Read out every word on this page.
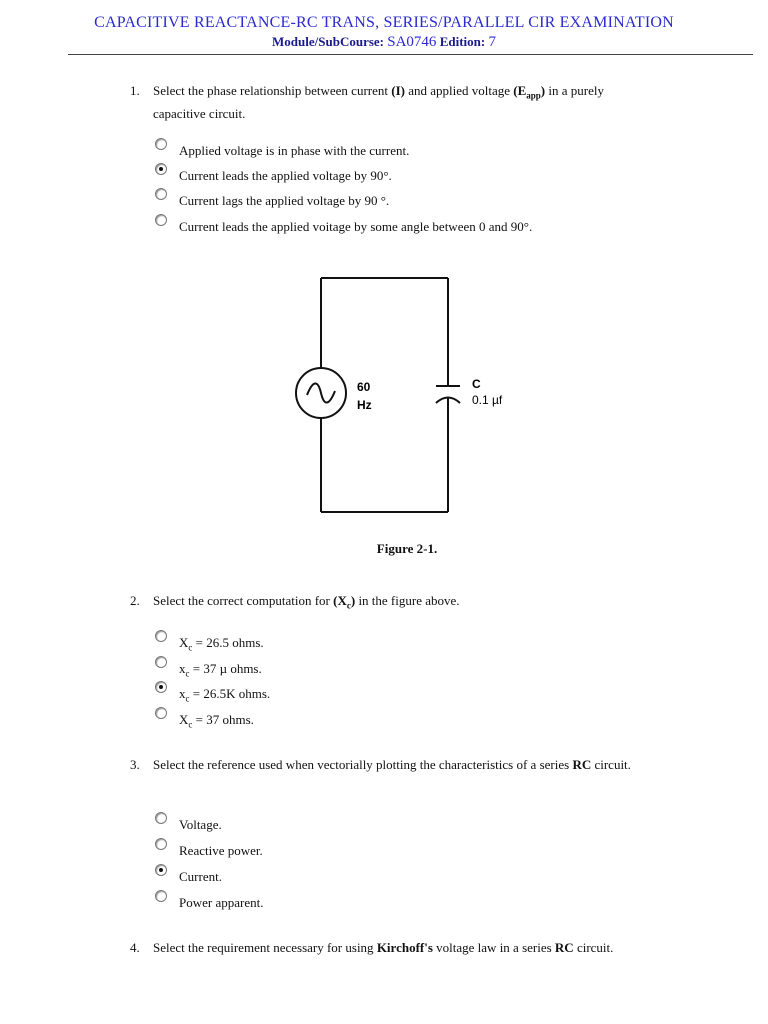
CAPACITIVE REACTANCE-RC TRANS, SERIES/PARALLEL CIR EXAMINATION
Module/SubCourse: SA0746 Edition: 7
1. Select the phase relationship between current (I) and applied voltage $(E_{app})$ in a purely capacitive circuit.
Applied voltage is in phase with the current.
Current leads the applied voltage by 90°.
Current lags the applied voltage by 90 °.
Current leads the applied voitage by some angle between 0 and 90°.
60
Hz
C
0.1 µf
Figure 2-1.
2. Select the correct computation for $(X_c)$ in the figure above.
$X_c = 26.5$ ohms.
$x_c = 37$ µ ohms.
$x_c = 26.5K$ ohms.
$X_c = 37$ ohms.
3. Select the reference used when vectorially plotting the characteristics of a series RC circuit.
Voltage.
Reactive power.
Current.
Power apparent.
4. Select the requirement necessary for using Kirchoff's voltage law in a series RC circuit.
